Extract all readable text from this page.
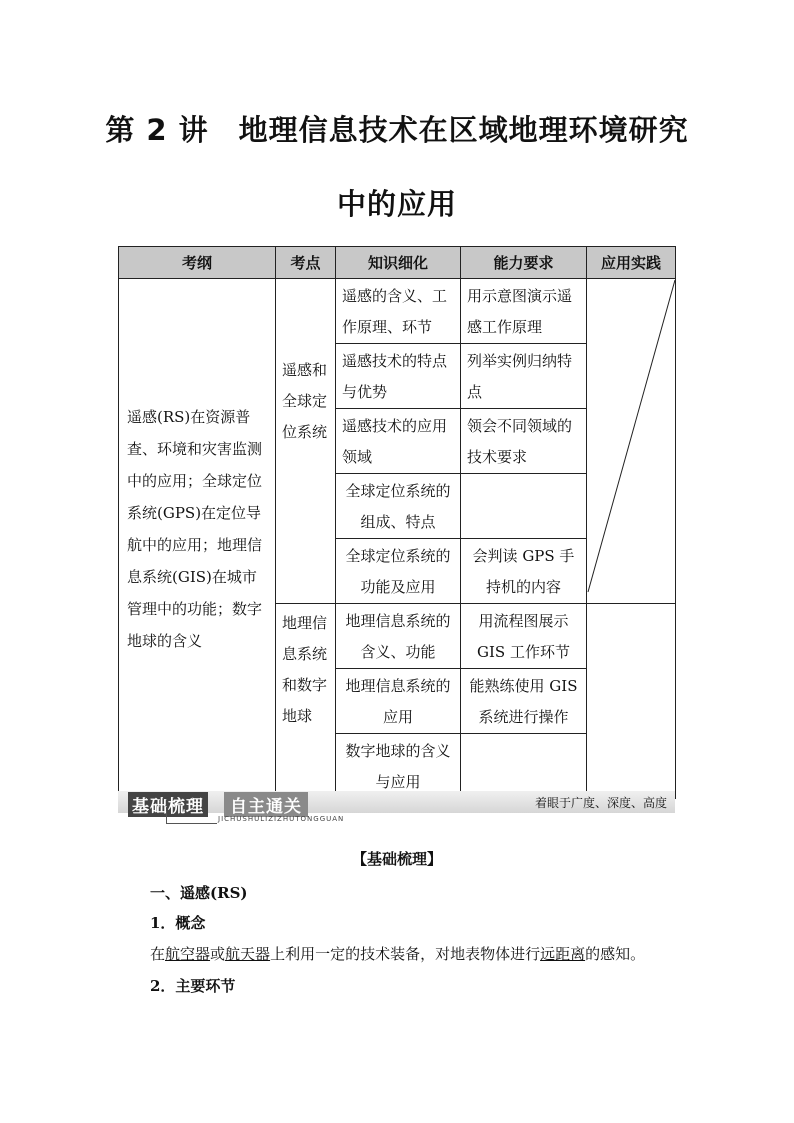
第 2 讲　地理信息技术在区域地理环境研究
中的应用
考纲	考点	知识细化	能力要求	应用实践

遥感(RS)在资源普查、环境和灾害监测中的应用；全球定位系统(GPS)在定位导航中的应用；地理信息系统(GIS)在城市管理中的功能；数字地球的含义	遥感和全球定位系统	遥感的含义、工作原理、环节	用示意图演示遥感工作原理

		遥感技术的特点与优势	列举实例归纳特点	

		遥感技术的应用领域	领会不同领域的技术要求	

		全球定位系统的组成、特点		

		全球定位系统的功能及应用	会判读 GPS 手持机的内容	

	地理信息系统和数字地球	地理信息系统的含义、功能	用流程图展示 GIS 工作环节	

		地理信息系统的应用	能熟练使用 GIS 系统进行操作	

		数字地球的含义与应用		

基础梳理	自主通关
JICHUSHULIZIZHUTONGGUAN
着眼于广度、深度、高度
【基础梳理】
一、遥感(RS)
1．概念
在航空器或航天器上利用一定的技术装备，对地表物体进行远距离的感知。
2．主要环节
